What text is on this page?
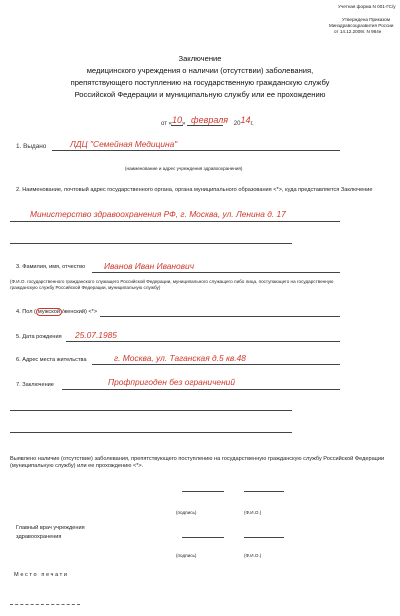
Учетная форма N 001-ГС/у
Утверждена Приказом
Минздравсоцразвития России
от 14.12.2009г. N 984н
Заключение
медицинского учреждения о наличии (отсутствии) заболевания,
препятствующего поступлению на государственную гражданскую службу
Российской Федерации и муниципальную службу или ее прохождению
от «10» февраля 2014г.
1. Выдано	ЛДЦ "Семейная Медицина"
(наименование и адрес учреждения здравоохранения)
2. Наименование, почтовый адрес государственного органа, органа муниципального образования <*>, куда представляется Заключение
Министерство здравоохранения РФ, г. Москва, ул. Ленина д. 17
3. Фамилия, имя, отчество Иванов Иван Иванович
(Ф.И.О. государственного гражданского служащего Российской Федерации, муниципального служащего либо лица, поступающего на государственную гражданскую службу Российской Федерации, муниципальную службу)
4. Пол ( мужской /женский) <*>
5. Дата рождения 25.07.1985
6. Адрес места жительства	г. Москва, ул. Таганская д.5 кв.48
7. Заключение	Профпригоден без ограничений
Выявлено наличие (отсутствие) заболевания, препятствующего поступлению на государственную гражданскую службу Российской Федерации (муниципальную службу) или ее прохождению <*>.
(подпись)	(Ф.И.О.)
Главный врач учреждения
здравоохранения
(подпись)	(Ф.И.О.)
Место печати
